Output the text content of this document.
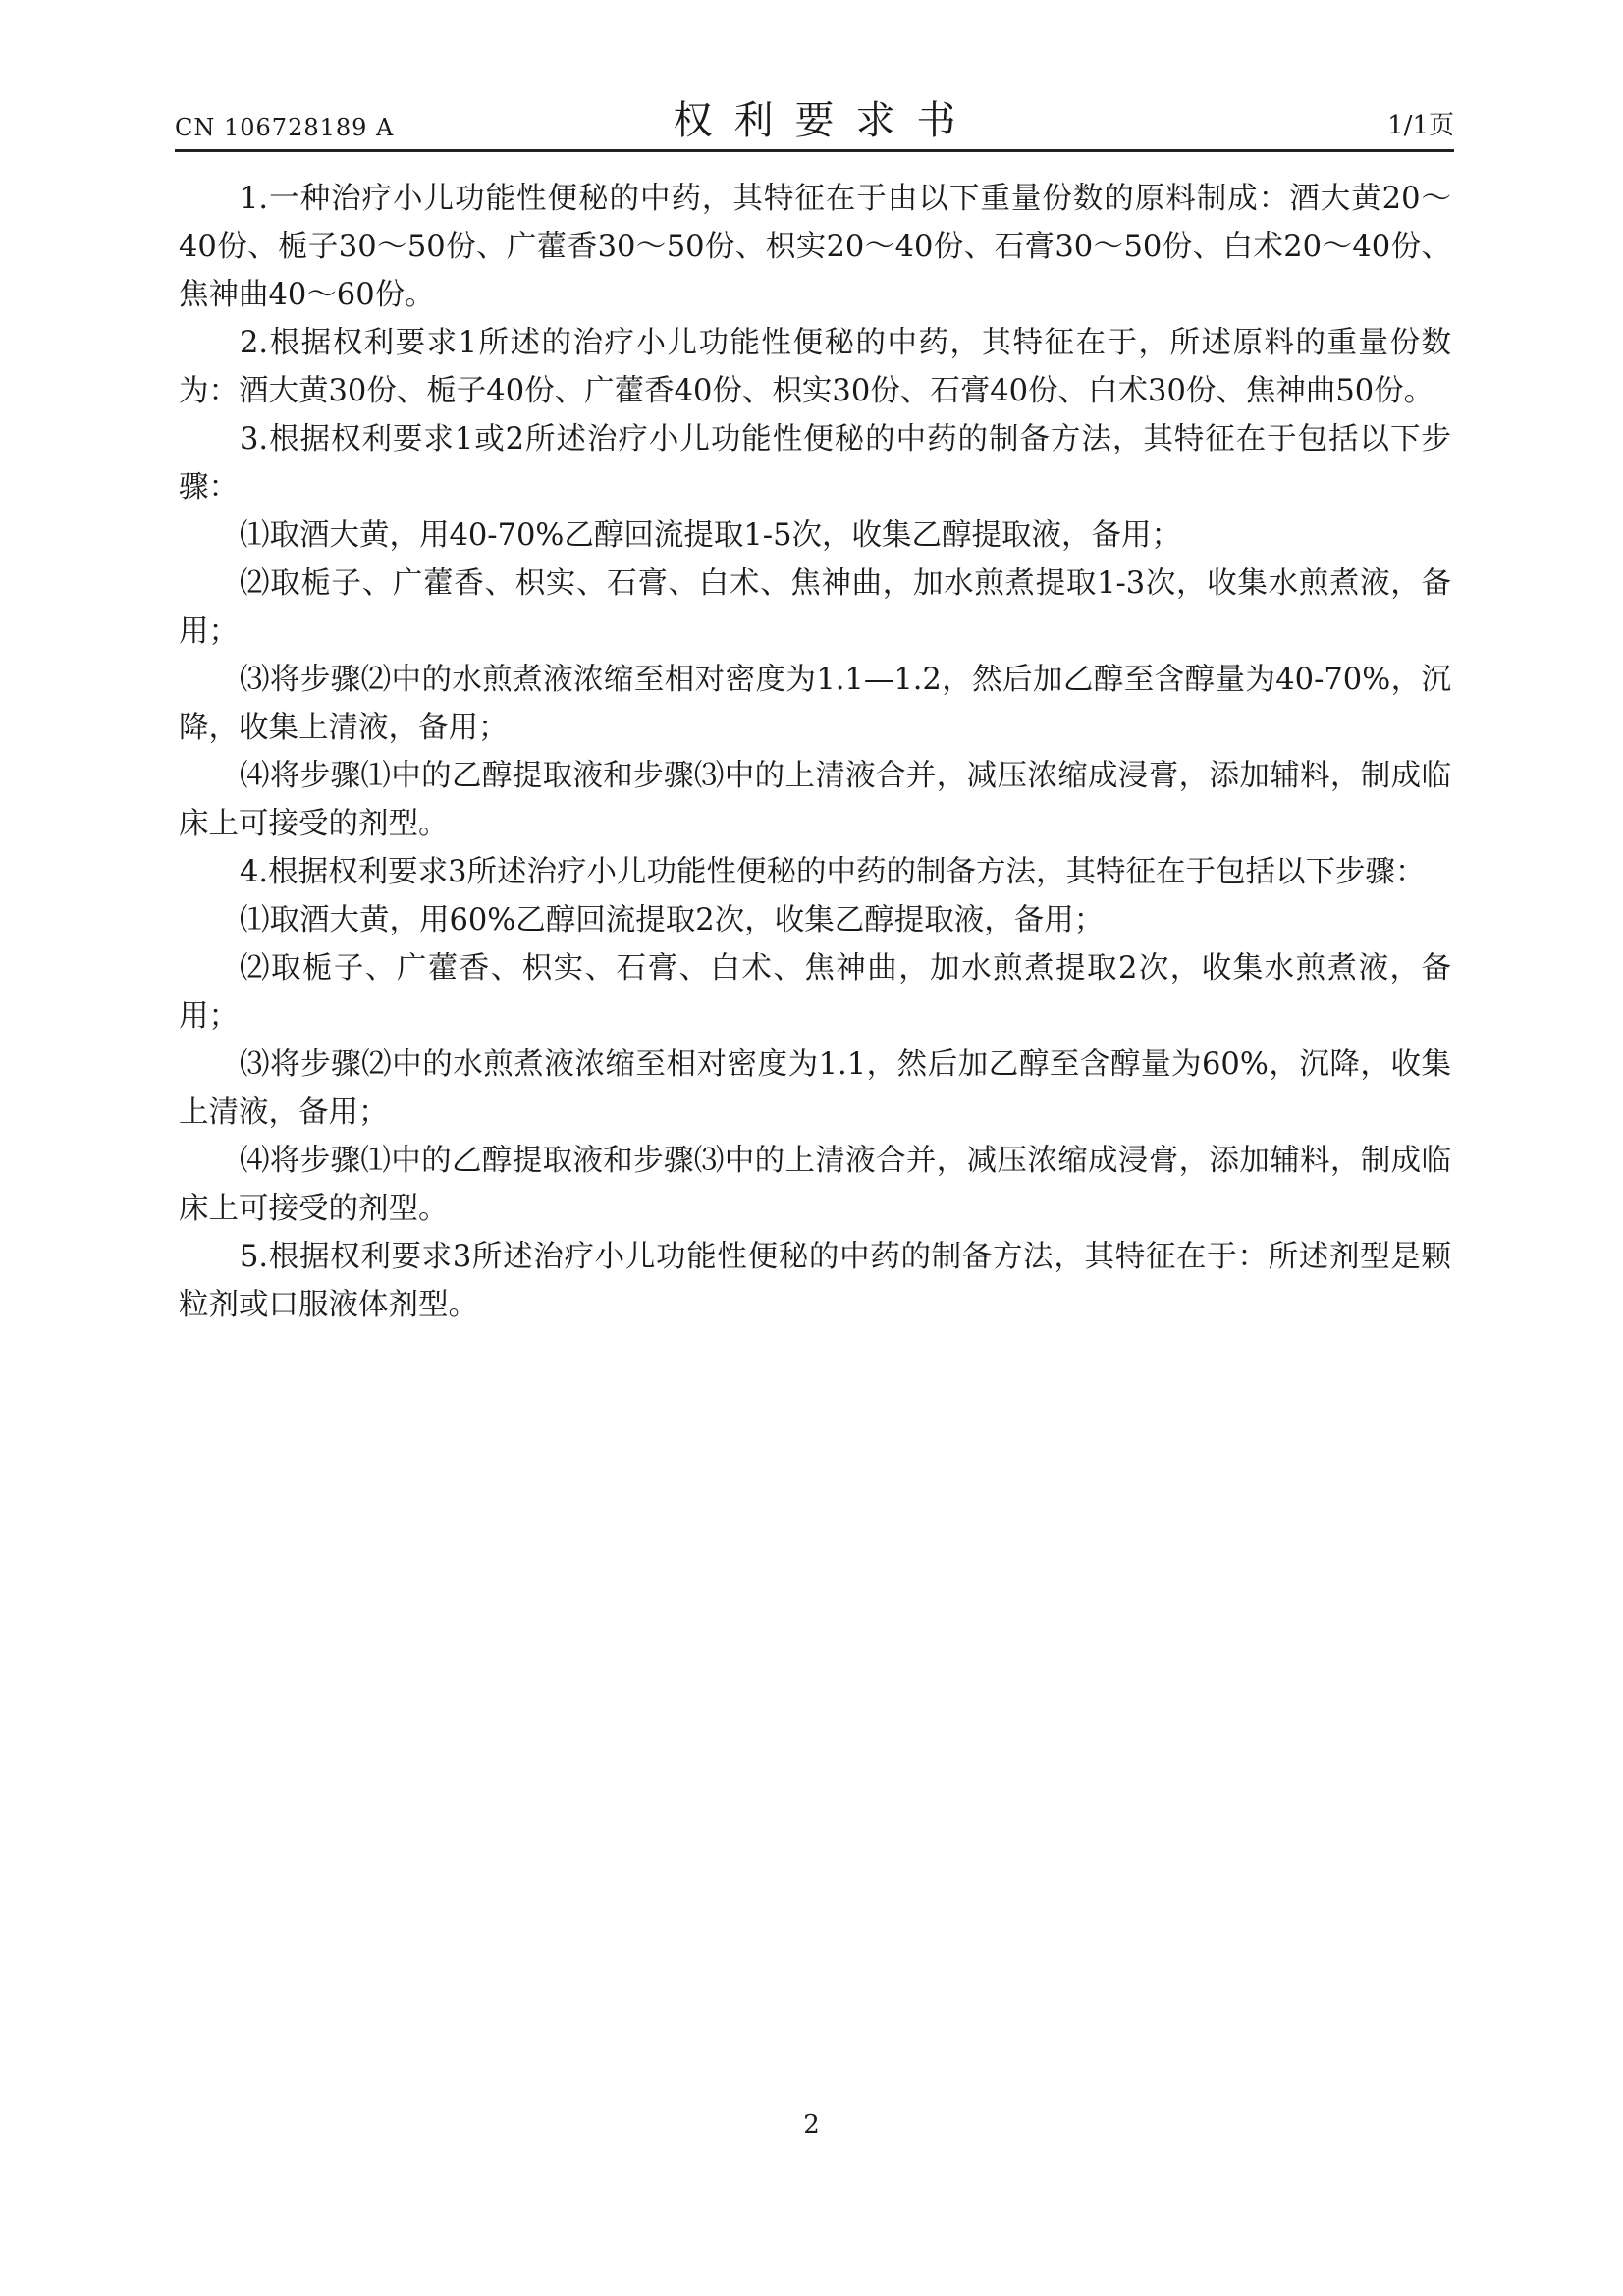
CN 106728189 A	权利要求书	1/1页

1.一种治疗小儿功能性便秘的中药，其特征在于由以下重量份数的原料制成：酒大黄20～40份、栀子30～50份、广藿香30～50份、枳实20～40份、石膏30～50份、白术20～40份、焦神曲40～60份。

2.根据权利要求1所述的治疗小儿功能性便秘的中药，其特征在于，所述原料的重量份数为：酒大黄30份、栀子40份、广藿香40份、枳实30份、石膏40份、白术30份、焦神曲50份。

3.根据权利要求1或2所述治疗小儿功能性便秘的中药的制备方法，其特征在于包括以下步骤：

⑴取酒大黄，用40-70%乙醇回流提取1-5次，收集乙醇提取液，备用；

⑵取栀子、广藿香、枳实、石膏、白术、焦神曲，加水煎煮提取1-3次，收集水煎煮液，备用；

⑶将步骤⑵中的水煎煮液浓缩至相对密度为1.1—1.2，然后加乙醇至含醇量为40-70%，沉降，收集上清液，备用；

⑷将步骤⑴中的乙醇提取液和步骤⑶中的上清液合并，减压浓缩成浸膏，添加辅料，制成临床上可接受的剂型。

4.根据权利要求3所述治疗小儿功能性便秘的中药的制备方法，其特征在于包括以下步骤：

⑴取酒大黄，用60%乙醇回流提取2次，收集乙醇提取液，备用；

⑵取栀子、广藿香、枳实、石膏、白术、焦神曲，加水煎煮提取2次，收集水煎煮液，备用；

⑶将步骤⑵中的水煎煮液浓缩至相对密度为1.1，然后加乙醇至含醇量为60%，沉降，收集上清液，备用；

⑷将步骤⑴中的乙醇提取液和步骤⑶中的上清液合并，减压浓缩成浸膏，添加辅料，制成临床上可接受的剂型。

5.根据权利要求3所述治疗小儿功能性便秘的中药的制备方法，其特征在于：所述剂型是颗粒剂或口服液体剂型。

2
